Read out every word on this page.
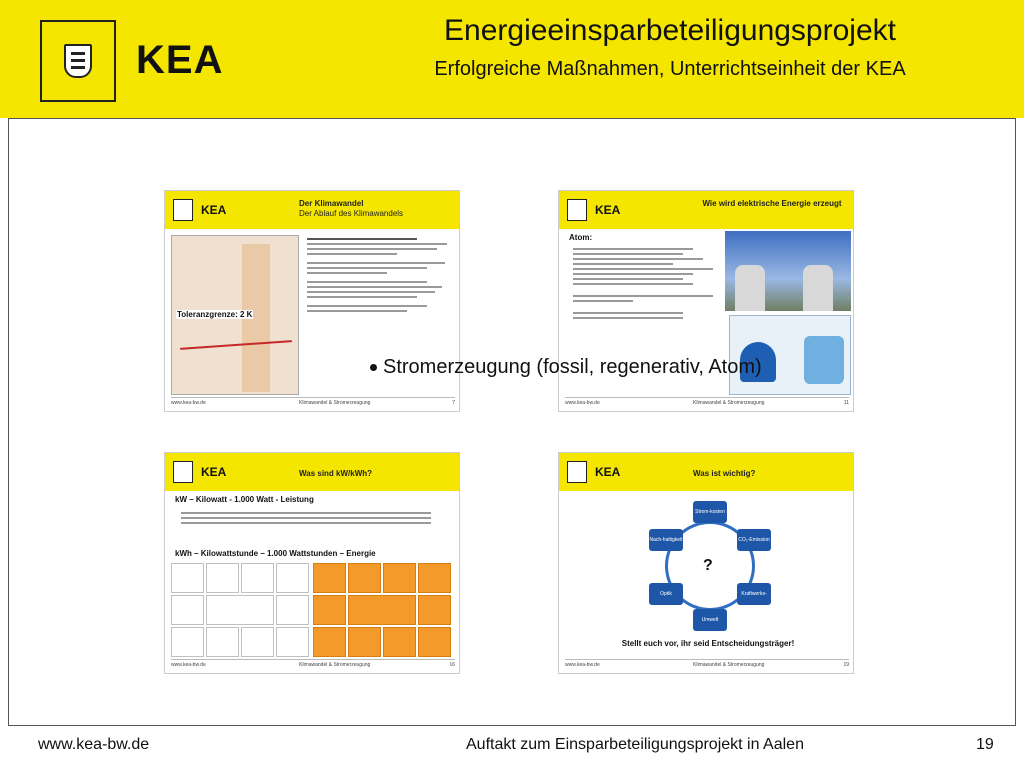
KEA
Energieeinsparbeteiligungsprojekt
Erfolgreiche Maßnahmen, Unterrichtseinheit der KEA
KEA	Der Klimawandel
Der Ablauf des Klimawandels
Toleranzgrenze: 2 K
www.kea-bw.de	Klimawandel & Stromerzeugung	7
KEA	Wie wird elektrische Energie erzeugt
Atom:
www.kea-bw.de	Klimawandel & Stromerzeugung	11
KEA	Was sind kW/kWh?
kW – Kilowatt - 1.000 Watt - Leistung
kWh – Kilowattstunde – 1.000 Wattstunden – Energie
www.kea-bw.de	Klimawandel & Stromerzeugung	16
KEA	Was ist wichtig?
Strom-kosten
CO₂-Emission
Kraftwerks-kosten
Umwelt
Optik
Nach-haltigkeit
?
Stellt euch vor, ihr seid Entscheidungsträger!
www.kea-bw.de	Klimawandel & Stromerzeugung	19
Stromerzeugung (fossil, regenerativ, Atom)
www.kea-bw.de	Auftakt zum Einsparbeteiligungsprojekt in Aalen	19
